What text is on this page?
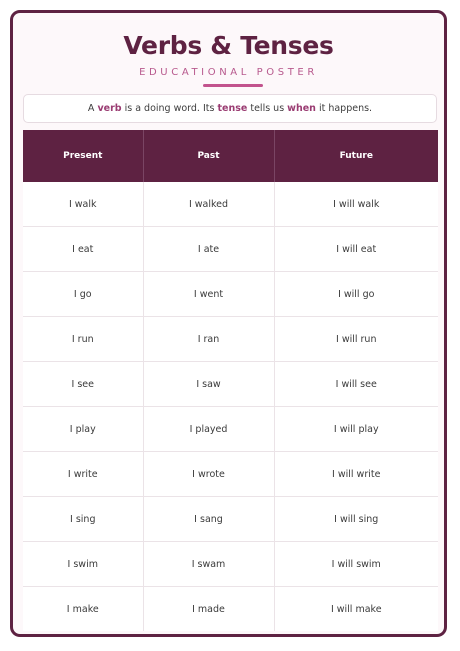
Verbs & Tenses
EDUCATIONAL POSTER
A verb is a doing word. Its tense tells us when it happens.
Present	Past	Future
I walk	I walked	I will walk
I eat	I ate	I will eat
I go	I went	I will go
I run	I ran	I will run
I see	I saw	I will see
I play	I played	I will play
I write	I wrote	I will write
I sing	I sang	I will sing
I swim	I swam	I will swim
I make	I made	I will make
